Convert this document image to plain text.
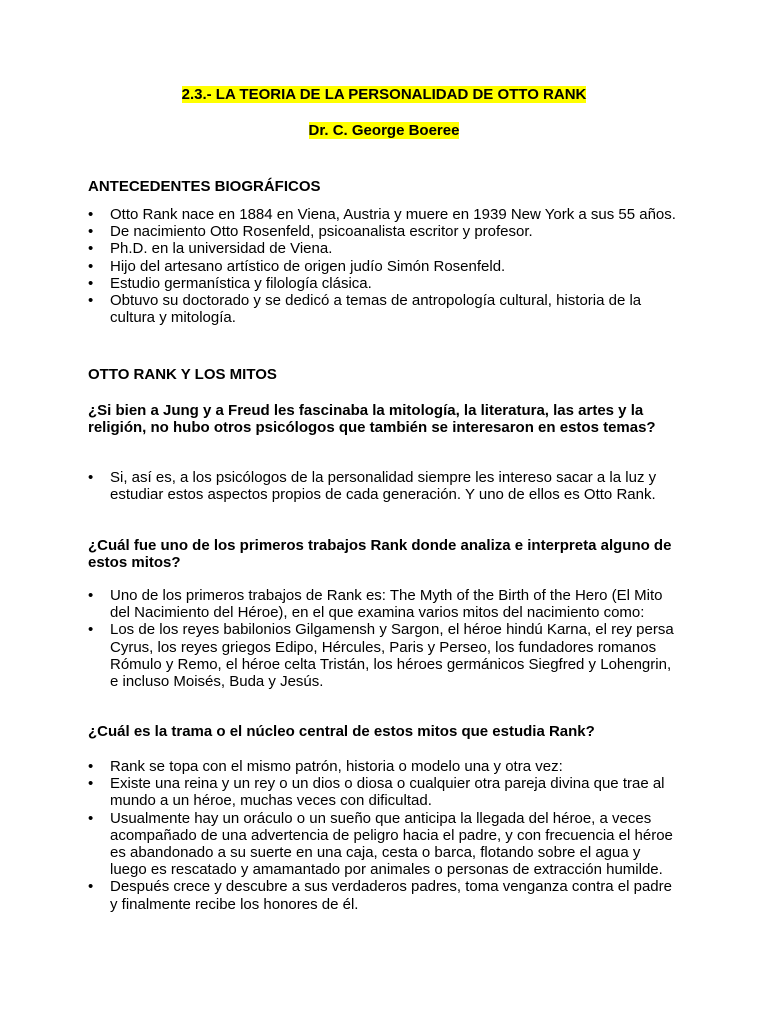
2.3.- LA TEORIA DE LA PERSONALIDAD DE OTTO RANK
Dr. C. George Boeree

ANTECEDENTES BIOGRÁFICOS

• Otto Rank nace en 1884 en Viena, Austria y muere en 1939 New York a sus 55 años.
• De nacimiento Otto Rosenfeld, psicoanalista escritor y profesor.
• Ph.D. en la universidad de Viena.
• Hijo del artesano artístico de origen judío Simón Rosenfeld.
• Estudio germanística y filología clásica.
• Obtuvo su doctorado y se dedicó a temas de antropología cultural, historia de la cultura y mitología.

OTTO RANK Y LOS MITOS

¿Si bien a Jung y a Freud les fascinaba la mitología, la literatura, las artes y la religión, no hubo otros psicólogos que también se interesaron en estos temas?

• Si, así es, a los psicólogos de la personalidad siempre les intereso sacar a la luz y estudiar estos aspectos propios de cada generación. Y uno de ellos es Otto Rank.

¿Cuál fue uno de los primeros trabajos Rank donde analiza e interpreta alguno de estos mitos?

• Uno de los primeros trabajos de Rank es: The Myth of the Birth of the Hero (El Mito del Nacimiento del Héroe), en el que examina varios mitos del nacimiento como:
• Los de los reyes babilonios Gilgamensh y Sargon, el héroe hindú Karna, el rey persa Cyrus, los reyes griegos Edipo, Hércules, Paris y Perseo, los fundadores romanos Rómulo y Remo, el héroe celta Tristán, los héroes germánicos Siegfred y Lohengrin, e incluso Moisés, Buda y Jesús.

¿Cuál es la trama o el núcleo central de estos mitos que estudia Rank?

• Rank se topa con el mismo patrón, historia o modelo una y otra vez:
• Existe una reina y un rey o un dios o diosa o cualquier otra pareja divina que trae al mundo a un héroe, muchas veces con dificultad.
• Usualmente hay un oráculo o un sueño que anticipa la llegada del héroe, a veces acompañado de una advertencia de peligro hacia el padre, y con frecuencia el héroe es abandonado a su suerte en una caja, cesta o barca, flotando sobre el agua y luego es rescatado y amamantado por animales o personas de extracción humilde.
• Después crece y descubre a sus verdaderos padres, toma venganza contra el padre y finalmente recibe los honores de él.
